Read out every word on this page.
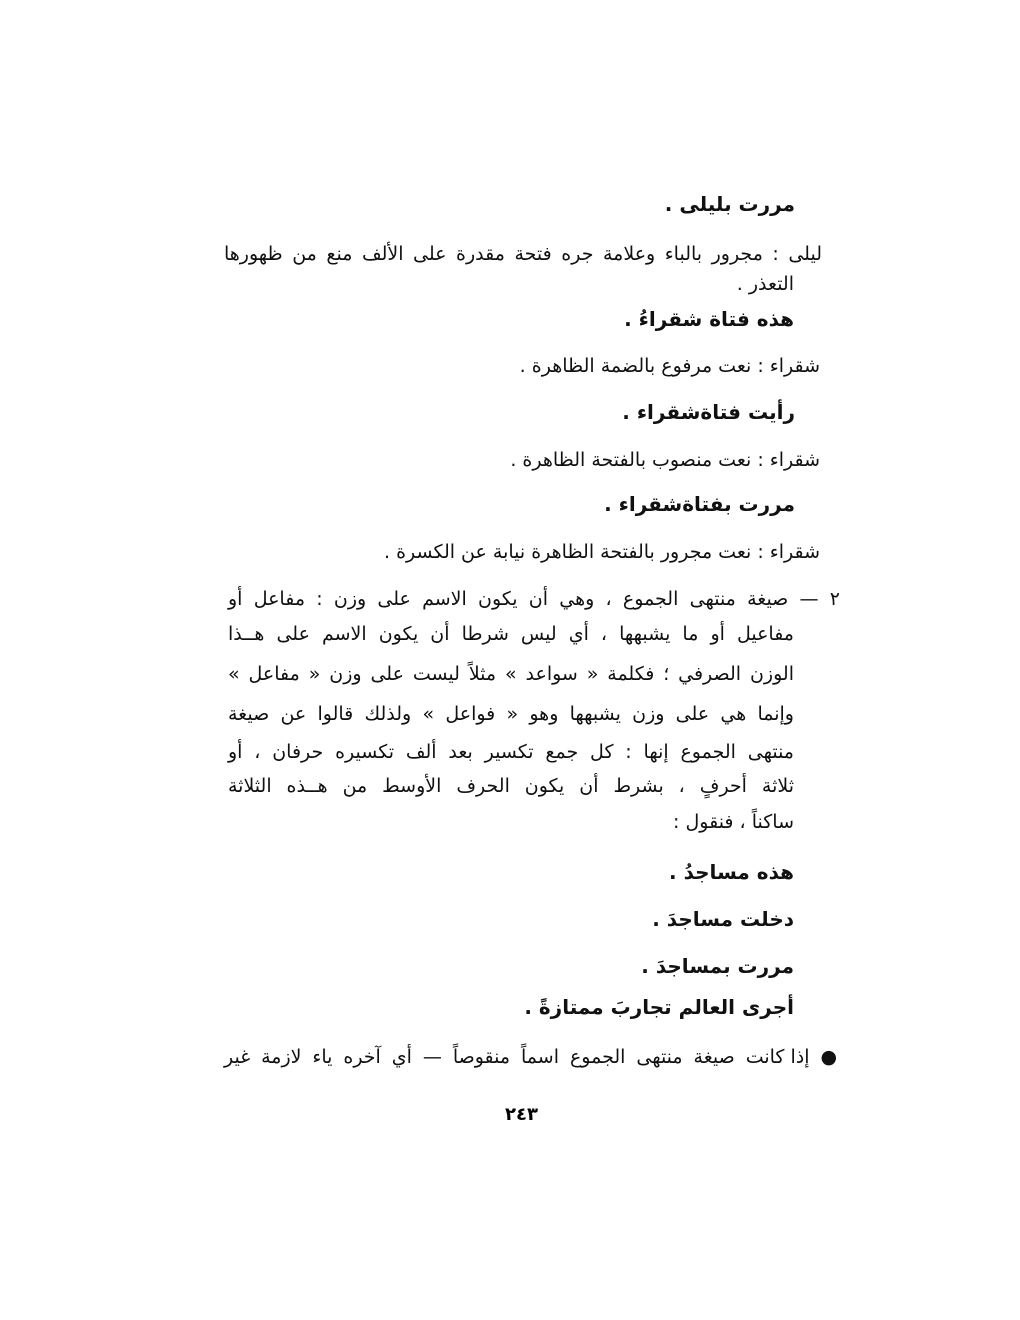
مررت بليلى .
ليلى : مجرور بالباء وعلامة جره فتحة مقدرة على الألف منع من ظهورها
التعذر .
هذه فتاة شقراءُ .
شقراء : نعت مرفوع بالضمة الظاهرة .
رأيت فتاةشقراء .
شقراء : نعت منصوب بالفتحة الظاهرة .
مررت بفتاةشقراء .
شقراء : نعت مجرور بالفتحة الظاهرة نيابة عن الكسرة .
٢ — صيغة منتهى الجموع ، وهي أن يكون الاسم على وزن : مفاعل أو
مفاعيل أو ما يشبهها ، أي ليس شرطا أن يكون الاسم على هــذا
الوزن الصرفي ؛ فكلمة « سواعد » مثلاً ليست على وزن « مفاعل »
وإنما هي على وزن يشبهها وهو « فواعل » ولذلك قالوا عن صيغة
منتهى الجموع إنها : كل جمع تكسير بعد ألف تكسيره حرفان ، أو
ثلاثة أحرفٍ ، بشرط أن يكون الحرف الأوسط من هــذه الثلاثة
ساكناً ، فنقول :
هذه مساجدُ .
دخلت مساجدَ .
مررت بمساجدَ .
أجرى العالم تجاربَ ممتازةً .
● إذا كانت صيغة منتهى الجموع اسماً منقوصاً — أي آخره ياء لازمة غير
٢٤٣
